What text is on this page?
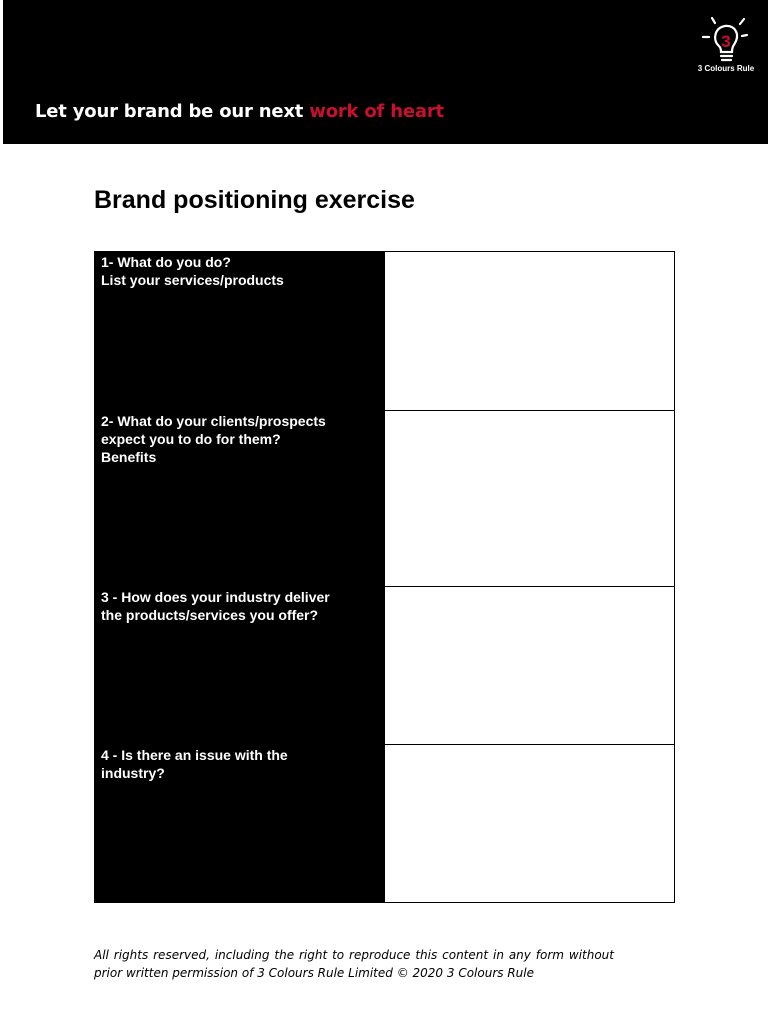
Let your brand be our next work of heart
3
3 Colours Rule
Brand positioning exercise
1- What do you do?
List your services/products
2- What do your clients/prospects
expect you to do for them?
Benefits
3 - How does your industry deliver
the products/services you offer?
4 - Is there an issue with the
industry?

All rights reserved, including the right to reproduce this content in any form without prior written permission of 3 Colours Rule Limited © 2020 3 Colours Rule
